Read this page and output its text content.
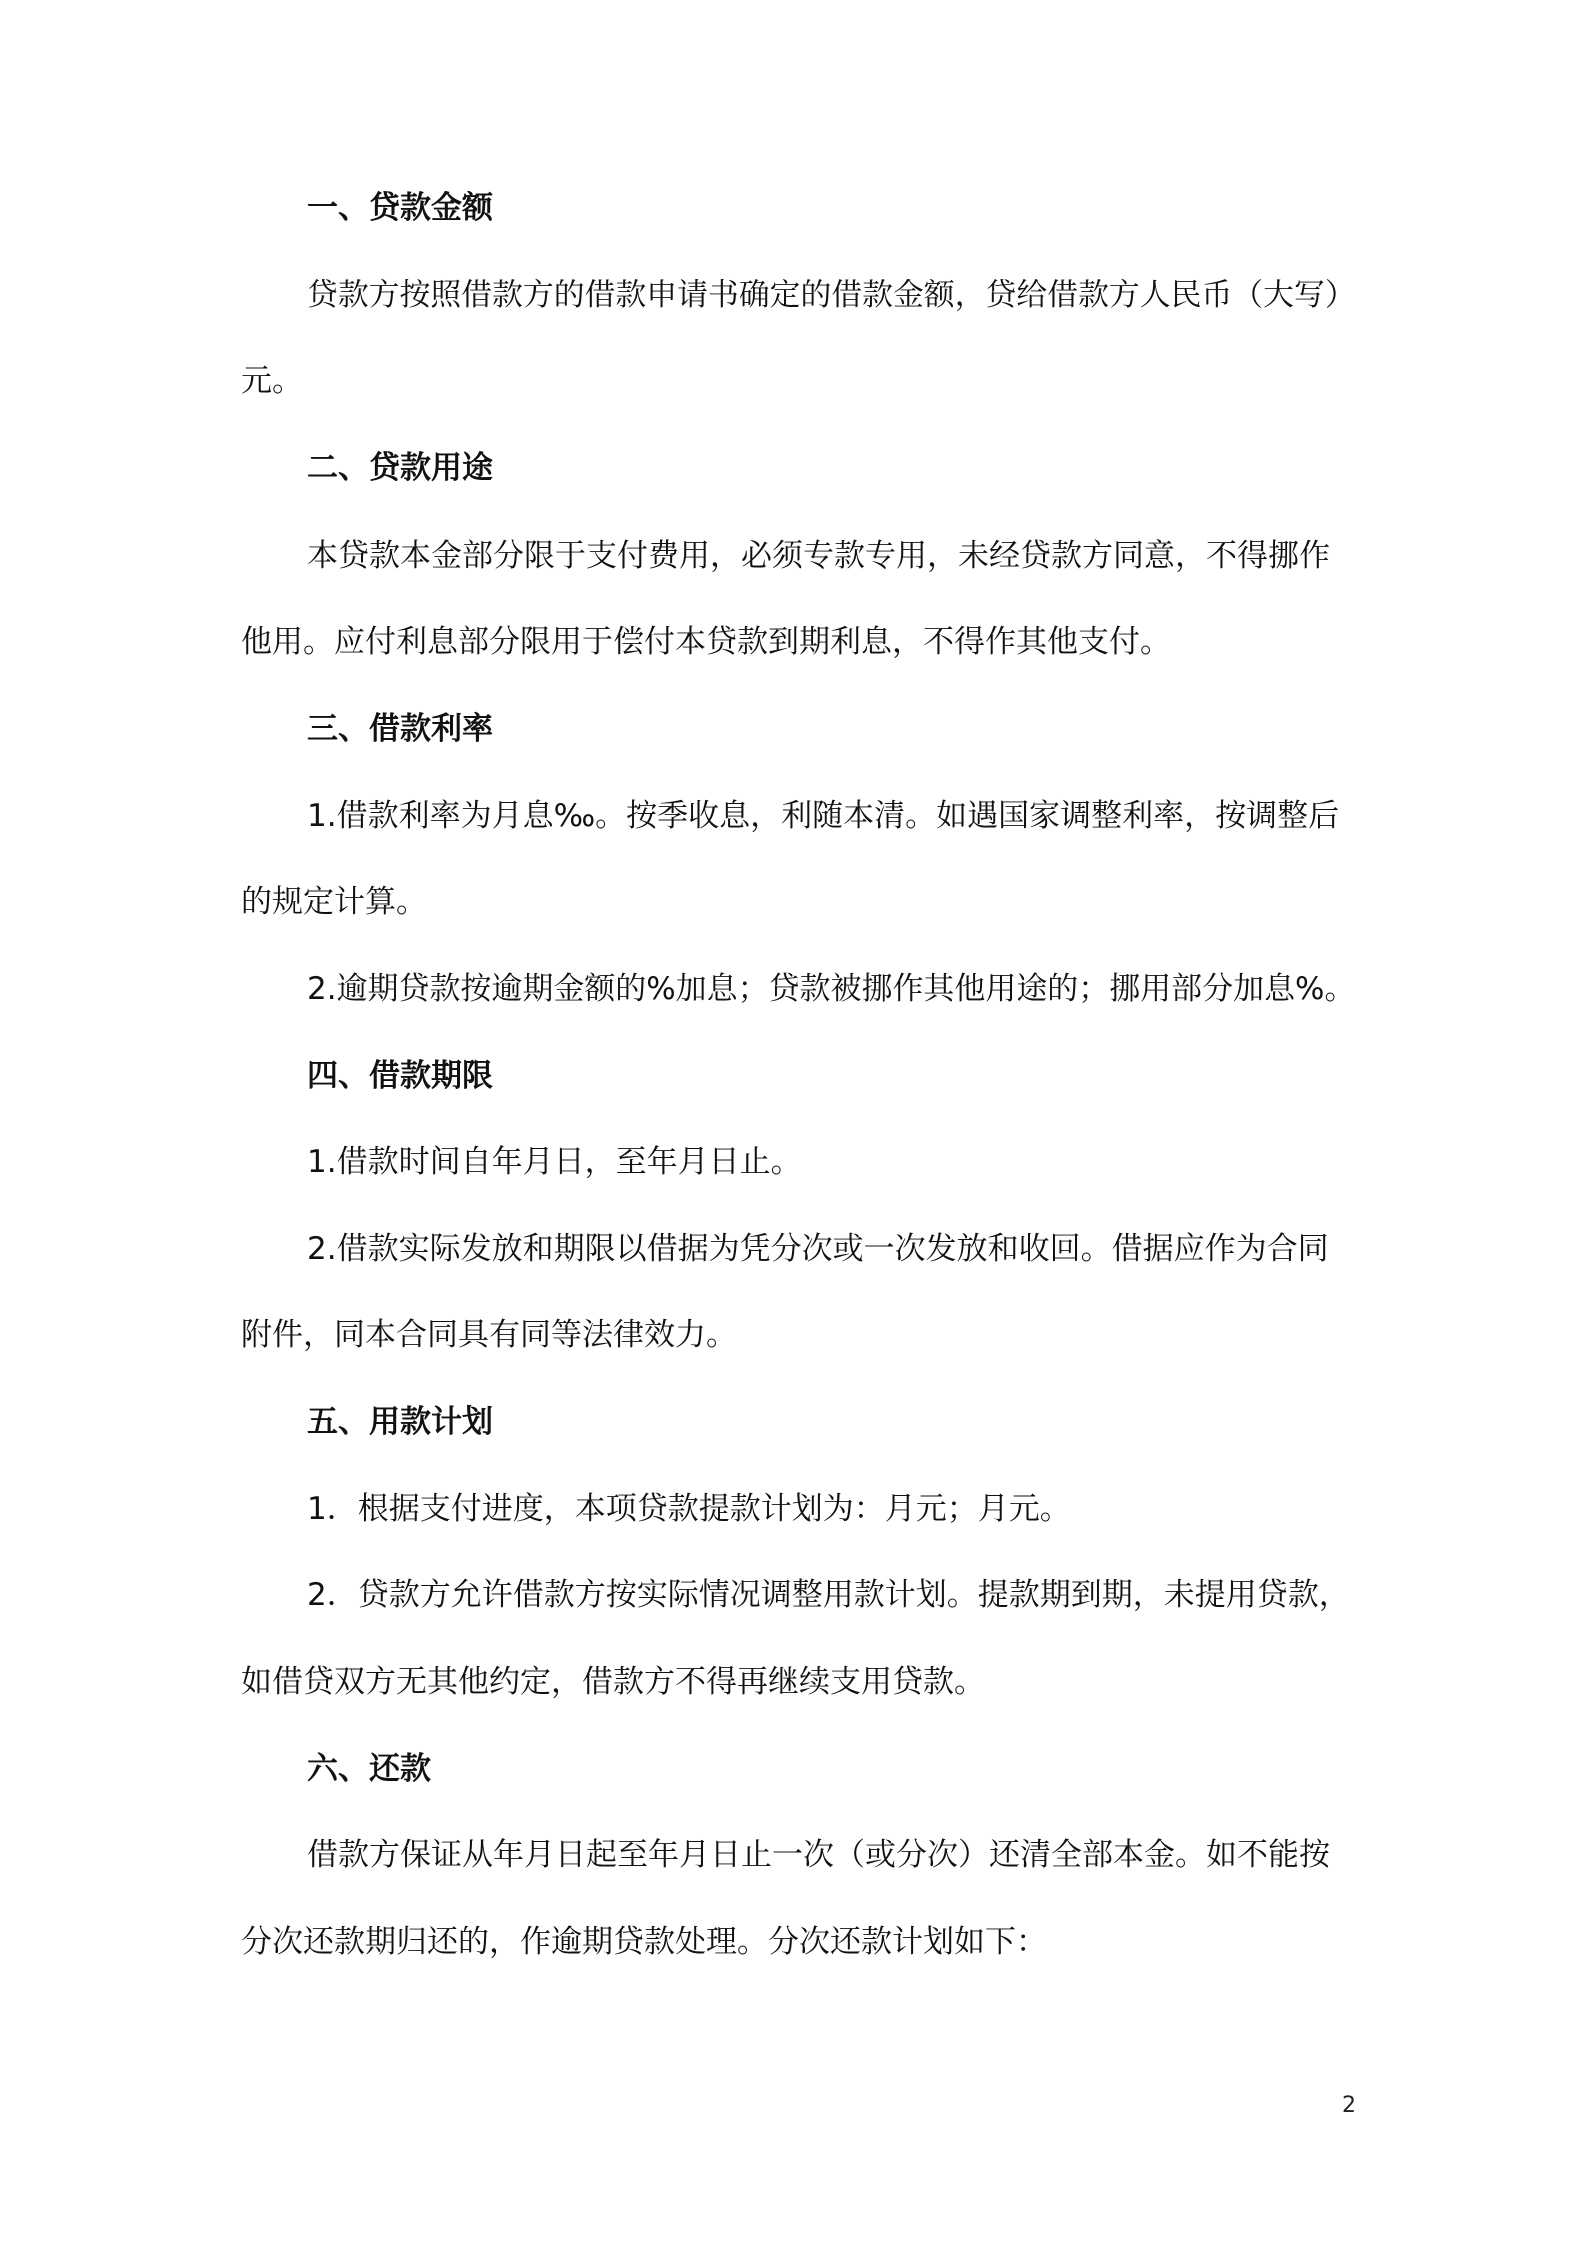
一、贷款金额
贷款方按照借款方的借款申请书确定的借款金额，贷给借款方人民币（大写）
元。
二、贷款用途
本贷款本金部分限于支付费用，必须专款专用，未经贷款方同意，不得挪作
他用。应付利息部分限用于偿付本贷款到期利息，不得作其他支付。
三、借款利率
1.借款利率为月息‰。按季收息，利随本清。如遇国家调整利率，按调整后
的规定计算。
2.逾期贷款按逾期金额的%加息；贷款被挪作其他用途的；挪用部分加息%。
四、借款期限
1.借款时间自年月日，至年月日止。
2.借款实际发放和期限以借据为凭分次或一次发放和收回。借据应作为合同
附件，同本合同具有同等法律效力。
五、用款计划
1．根据支付进度，本项贷款提款计划为：月元；月元。
2．贷款方允许借款方按实际情况调整用款计划。提款期到期，未提用贷款，
如借贷双方无其他约定，借款方不得再继续支用贷款。
六、还款
借款方保证从年月日起至年月日止一次（或分次）还清全部本金。如不能按
分次还款期归还的，作逾期贷款处理。分次还款计划如下：
2
